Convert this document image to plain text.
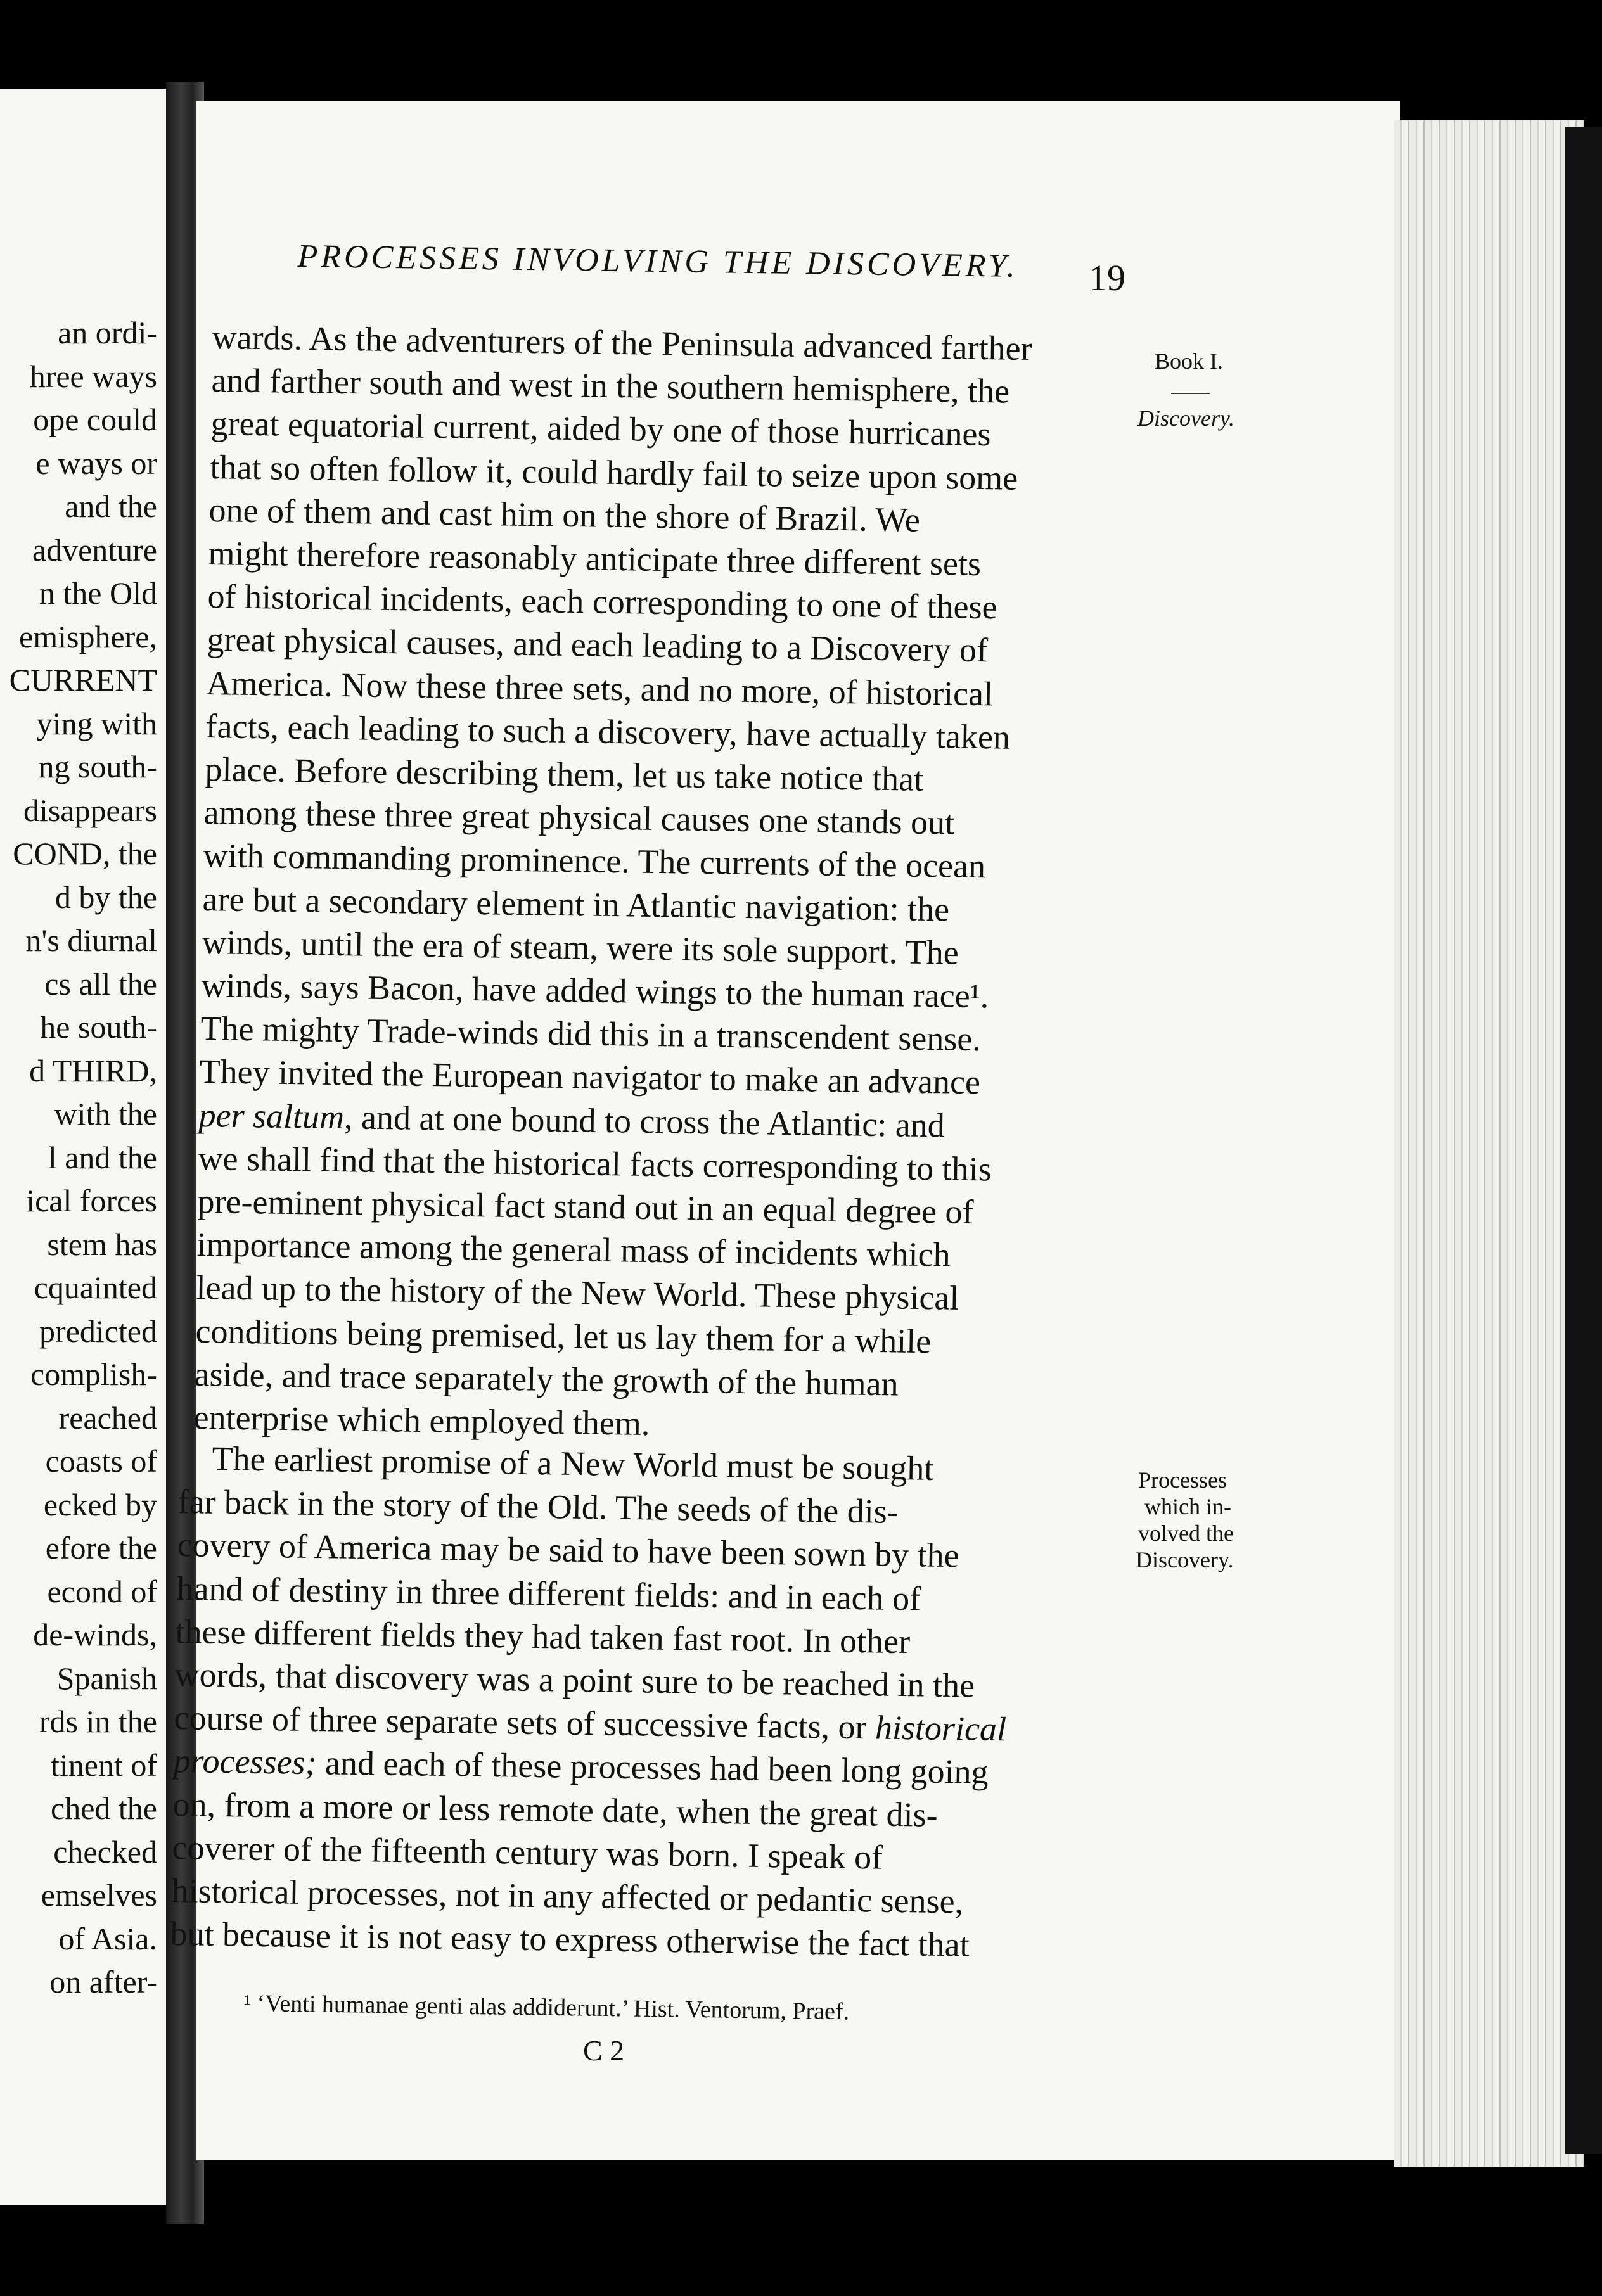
an ordi-
hree ways
ope could
e ways or
and the
adventure
n the Old
emisphere,
CURRENT
ying with
ng south-
disappears
COND, the
d by the
n's diurnal
cs all the
he south-
d THIRD,
with the
l and the
ical forces
stem has
cquainted
predicted
complish-
reached
coasts of
ecked by
efore the
econd of
de-winds,
Spanish
rds in the
tinent of
ched the
checked
emselves
of Asia.
on after-
PROCESSES INVOLVING THE DISCOVERY. 19
wards. As the adventurers of the Peninsula advanced farther
and farther south and west in the southern hemisphere, the
great equatorial current, aided by one of those hurricanes
that so often follow it, could hardly fail to seize upon some
one of them and cast him on the shore of Brazil. We
might therefore reasonably anticipate three different sets
of historical incidents, each corresponding to one of these
great physical causes, and each leading to a Discovery of
America. Now these three sets, and no more, of historical
facts, each leading to such a discovery, have actually taken
place. Before describing them, let us take notice that
among these three great physical causes one stands out
with commanding prominence. The currents of the ocean
are but a secondary element in Atlantic navigation: the
winds, until the era of steam, were its sole support. The
winds, says Bacon, have added wings to the human race¹.
The mighty Trade-winds did this in a transcendent sense.
They invited the European navigator to make an advance
per saltum, and at one bound to cross the Atlantic: and
we shall find that the historical facts corresponding to this
pre-eminent physical fact stand out in an equal degree of
importance among the general mass of incidents which
lead up to the history of the New World. These physical
conditions being premised, let us lay them for a while
aside, and trace separately the growth of the human
enterprise which employed them.
The earliest promise of a New World must be sought
far back in the story of the Old. The seeds of the dis-
covery of America may be said to have been sown by the
hand of destiny in three different fields: and in each of
these different fields they had taken fast root. In other
words, that discovery was a point sure to be reached in the
course of three separate sets of successive facts, or historical
processes; and each of these processes had been long going
on, from a more or less remote date, when the great dis-
coverer of the fifteenth century was born. I speak of
historical processes, not in any affected or pedantic sense,
but because it is not easy to express otherwise the fact that
Book I.
Discovery.
Processes
which in-
volved the
Discovery.
¹ ‘Venti humanae genti alas addiderunt.’ Hist. Ventorum, Praef.
C 2
